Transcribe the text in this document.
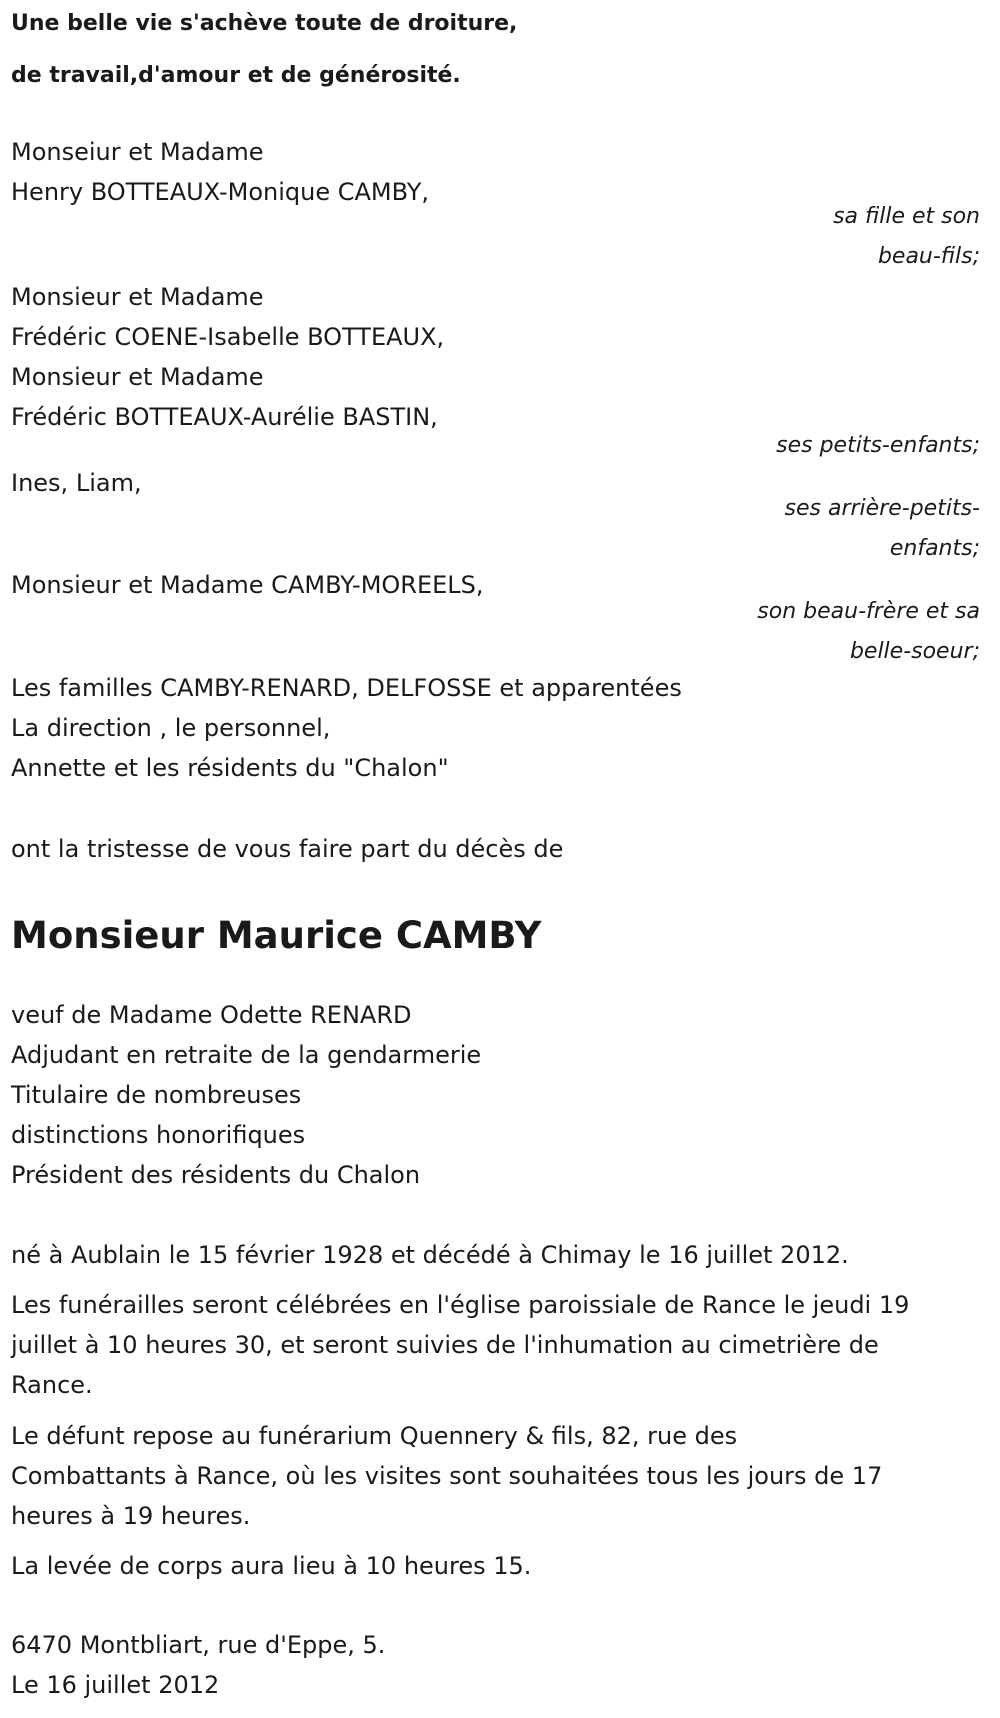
Une belle vie s'achève toute de droiture,
de travail,d'amour et de générosité.
Monseiur et Madame
Henry BOTTEAUX-Monique CAMBY,
sa fille et son
beau-fils;
Monsieur et Madame
Frédéric COENE-Isabelle BOTTEAUX,
Monsieur et Madame
Frédéric BOTTEAUX-Aurélie BASTIN,
ses petits-enfants;
Ines, Liam,
ses arrière-petits-
enfants;
Monsieur et Madame CAMBY-MOREELS,
son beau-frère et sa
belle-soeur;
Les familles CAMBY-RENARD, DELFOSSE et apparentées
La direction , le personnel,
Annette et les résidents du "Chalon"
ont la tristesse de vous faire part du décès de
Monsieur Maurice CAMBY
veuf de Madame Odette RENARD
Adjudant en retraite de la gendarmerie
Titulaire de nombreuses
distinctions honorifiques
Président des résidents du Chalon
né à Aublain le 15 février 1928 et décédé à Chimay le 16 juillet 2012.
Les funérailles seront célébrées en l'église paroissiale de Rance le jeudi 19
juillet à 10 heures 30, et seront suivies de l'inhumation au cimetrière de
Rance.
Le défunt repose au funérarium Quennery & fils, 82, rue des
Combattants à Rance, où les visites sont souhaitées tous les jours de 17
heures à 19 heures.
La levée de corps aura lieu à 10 heures 15.
6470 Montbliart, rue d'Eppe, 5.
Le 16 juillet 2012
